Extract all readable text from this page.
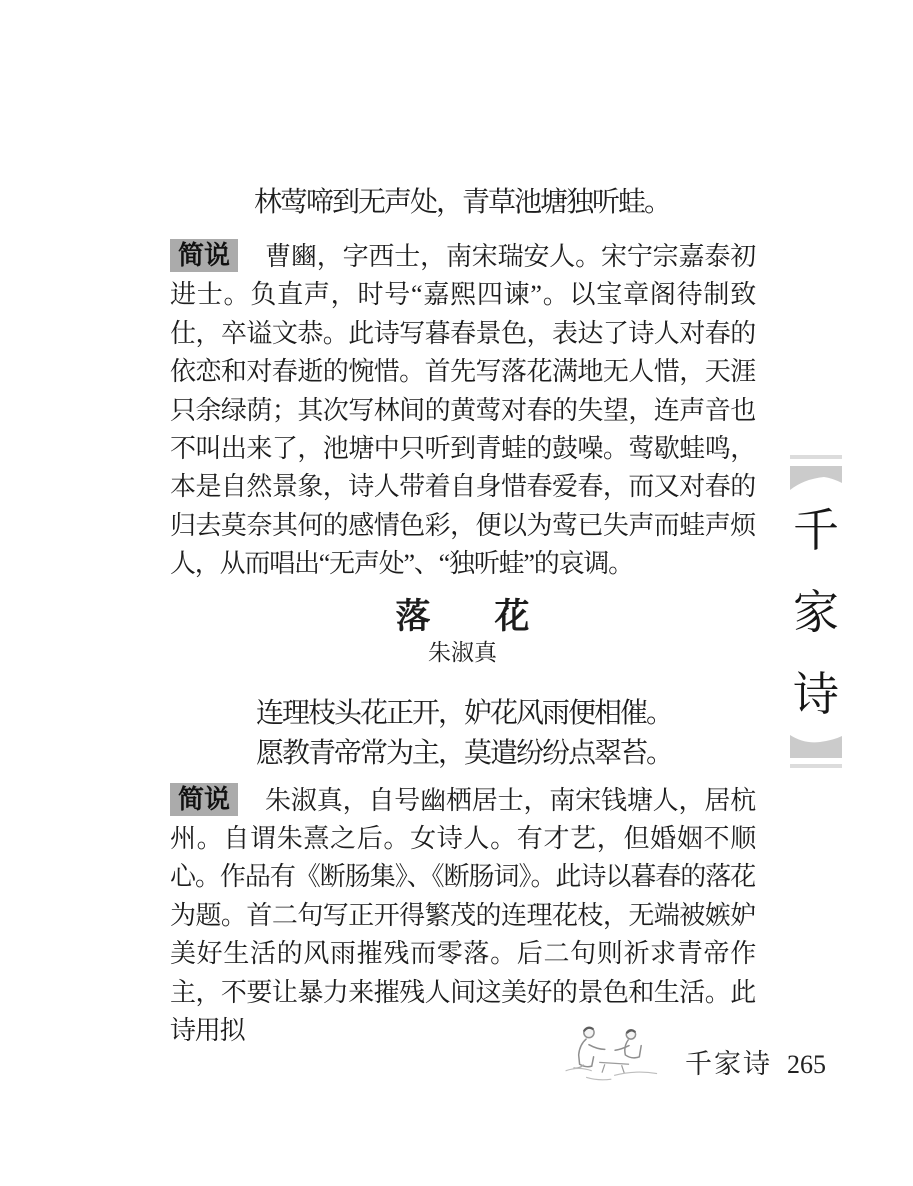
林莺啼到无声处，青草池塘独听蛙。

简说 曹豳，字西士，南宋瑞安人。宋宁宗嘉泰初进士。负直声，时号“嘉熙四谏”。以宝章阁待制致仕，卒谥文恭。此诗写暮春景色，表达了诗人对春的依恋和对春逝的惋惜。首先写落花满地无人惜，天涯只余绿荫；其次写林间的黄莺对春的失望，连声音也不叫出来了，池塘中只听到青蛙的鼓噪。莺歇蛙鸣，本是自然景象，诗人带着自身惜春爱春，而又对春的归去莫奈其何的感情色彩，便以为莺已失声而蛙声烦人，从而唱出“无声处”、“独听蛙”的哀调。

落 花
朱淑真
连理枝头花正开，妒花风雨便相催。
愿教青帝常为主，莫遣纷纷点翠苔。

简说 朱淑真，自号幽栖居士，南宋钱塘人，居杭州。自谓朱熹之后。女诗人。有才艺，但婚姻不顺心。作品有《断肠集》、《断肠词》。此诗以暮春的落花为题。首二句写正开得繁茂的连理花枝，无端被嫉妒美好生活的风雨摧残而零落。后二句则祈求青帝作主，不要让暴力来摧残人间这美好的景色和生活。此诗用拟

千家诗 265
千
家
诗
